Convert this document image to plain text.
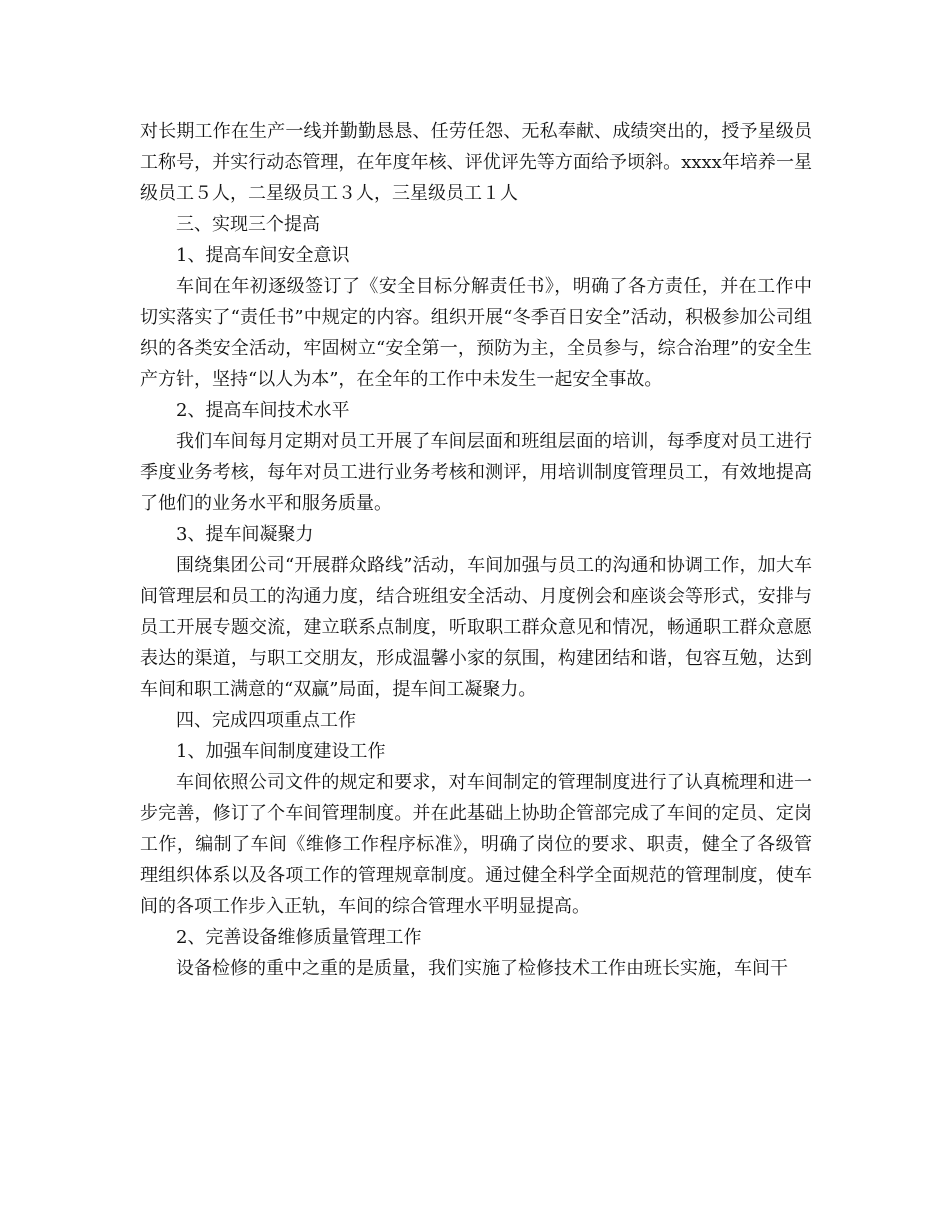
对长期工作在生产一线并勤勤恳恳、任劳任怨、无私奉献、成绩突出的，授予星级员工称号，并实行动态管理，在年度年核、评优评先等方面给予顷斜。xxxx年培养一星级员工５人，二星级员工３人，三星级员工１人

三、实现三个提高

1、提高车间安全意识

车间在年初逐级签订了《安全目标分解责任书》，明确了各方责任，并在工作中切实落实了“责任书”中规定的内容。组织开展“冬季百日安全”活动，积极参加公司组织的各类安全活动，牢固树立“安全第一，预防为主，全员参与，综合治理”的安全生产方针，坚持“以人为本”，在全年的工作中未发生一起安全事故。

2、提高车间技术水平

我们车间每月定期对员工开展了车间层面和班组层面的培训，每季度对员工进行季度业务考核，每年对员工进行业务考核和测评，用培训制度管理员工，有效地提高了他们的业务水平和服务质量。

3、提车间凝聚力

围绕集团公司“开展群众路线”活动，车间加强与员工的沟通和协调工作，加大车间管理层和员工的沟通力度，结合班组安全活动、月度例会和座谈会等形式，安排与员工开展专题交流，建立联系点制度，听取职工群众意见和情况，畅通职工群众意愿表达的渠道，与职工交朋友，形成温馨小家的氛围，构建团结和谐，包容互勉，达到车间和职工满意的“双赢”局面，提车间工凝聚力。

四、完成四项重点工作

1、加强车间制度建设工作

车间依照公司文件的规定和要求，对车间制定的管理制度进行了认真梳理和进一步完善，修订了个车间管理制度。并在此基础上协助企管部完成了车间的定员、定岗工作，编制了车间《维修工作程序标准》，明确了岗位的要求、职责，健全了各级管理组织体系以及各项工作的管理规章制度。通过健全科学全面规范的管理制度，使车间的各项工作步入正轨，车间的综合管理水平明显提高。

2、完善设备维修质量管理工作

设备检修的重中之重的是质量，我们实施了检修技术工作由班长实施，车间干
